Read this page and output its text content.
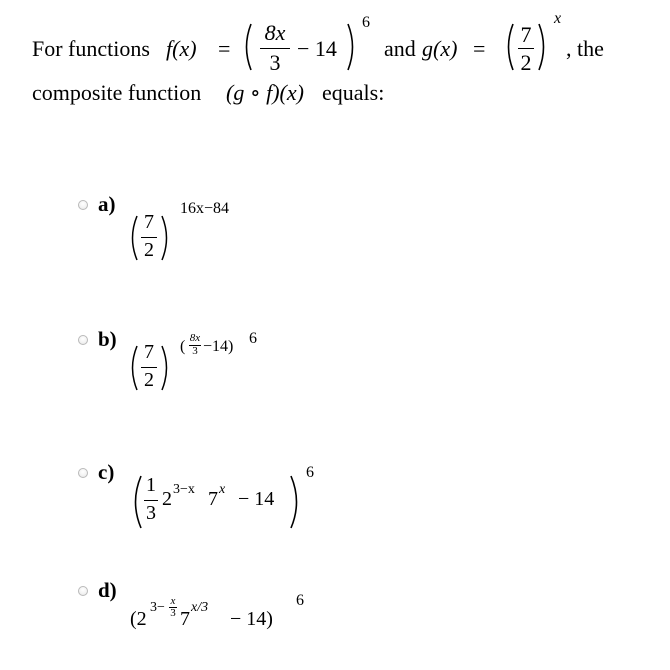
For functions f(x) =
8x
3
− 14
6
and g(x) =
7
2
x
, the
composite function (g ∘ f)(x) equals:
a)
7
2
16x−84
b)
7
2
( 8x
3 −14) 6
c)
1
3
2 3−x 7 x − 14
6
d)
(2
3− x
3 7
x/3
− 14)
6
